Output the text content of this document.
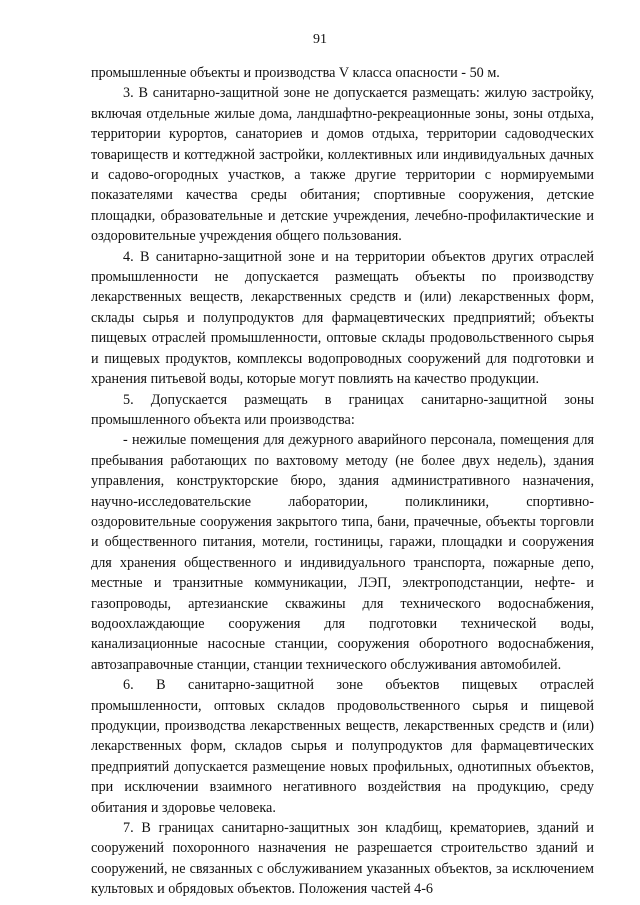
91

промышленные объекты и производства V класса опасности - 50 м.

3. В санитарно-защитной зоне не допускается размещать: жилую застройку, включая отдельные жилые дома, ландшафтно-рекреационные зоны, зоны отдыха, территории курортов, санаториев и домов отдыха, территории садоводческих товариществ и коттеджной застройки, коллективных или индивидуальных дачных и садово-огородных участков, а также другие территории с нормируемыми показателями качества среды обитания; спортивные сооружения, детские площадки, образовательные и детские учреждения, лечебно-профилактические и оздоровительные учреждения общего пользования.

4. В санитарно-защитной зоне и на территории объектов других отраслей промышленности не допускается размещать объекты по производству лекарственных веществ, лекарственных средств и (или) лекарственных форм, склады сырья и полупродуктов для фармацевтических предприятий; объекты пищевых отраслей промышленности, оптовые склады продовольственного сырья и пищевых продуктов, комплексы водопроводных сооружений для подготовки и хранения питьевой воды, которые могут повлиять на качество продукции.

5. Допускается размещать в границах санитарно-защитной зоны промышленного объекта или производства:

- нежилые помещения для дежурного аварийного персонала, помещения для пребывания работающих по вахтовому методу (не более двух недель), здания управления, конструкторские бюро, здания административного назначения, научно-исследовательские лаборатории, поликлиники, спортивно-оздоровительные сооружения закрытого типа, бани, прачечные, объекты торговли и общественного питания, мотели, гостиницы, гаражи, площадки и сооружения для хранения общественного и индивидуального транспорта, пожарные депо, местные и транзитные коммуникации, ЛЭП, электроподстанции, нефте- и газопроводы, артезианские скважины для технического водоснабжения, водоохлаждающие сооружения для подготовки технической воды, канализационные насосные станции, сооружения оборотного водоснабжения, автозаправочные станции, станции технического обслуживания автомобилей.

6. В санитарно-защитной зоне объектов пищевых отраслей промышленности, оптовых складов продовольственного сырья и пищевой продукции, производства лекарственных веществ, лекарственных средств и (или) лекарственных форм, складов сырья и полупродуктов для фармацевтических предприятий допускается размещение новых профильных, однотипных объектов, при исключении взаимного негативного воздействия на продукцию, среду обитания и здоровье человека.

7. В границах санитарно-защитных зон кладбищ, крематориев, зданий и сооружений похоронного назначения не разрешается строительство зданий и сооружений, не связанных с обслуживанием указанных объектов, за исключением культовых и обрядовых объектов. Положения частей 4-6
